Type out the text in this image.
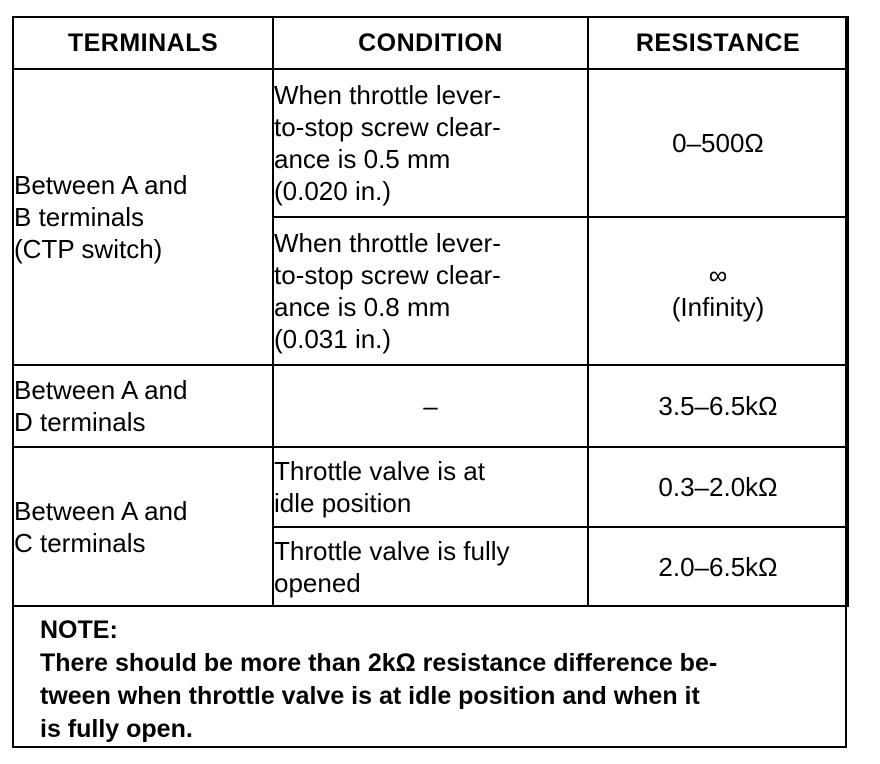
TERMINALS	CONDITION	RESISTANCE

Between A and
B terminals
(CTP switch)	When throttle lever-
to-stop screw clear-
ance is 0.5 mm
(0.020 in.)	0–500Ω

	When throttle lever-
to-stop screw clear-
ance is 0.8 mm
(0.031 in.)	∞
(Infinity)

Between A and
D terminals	–	3.5–6.5kΩ

Between A and
C terminals	Throttle valve is at
idle position	0.3–2.0kΩ

	Throttle valve is fully
opened	2.0–6.5kΩ
NOTE:
There should be more than 2kΩ resistance difference be-
tween when throttle valve is at idle position and when it
is fully open.
